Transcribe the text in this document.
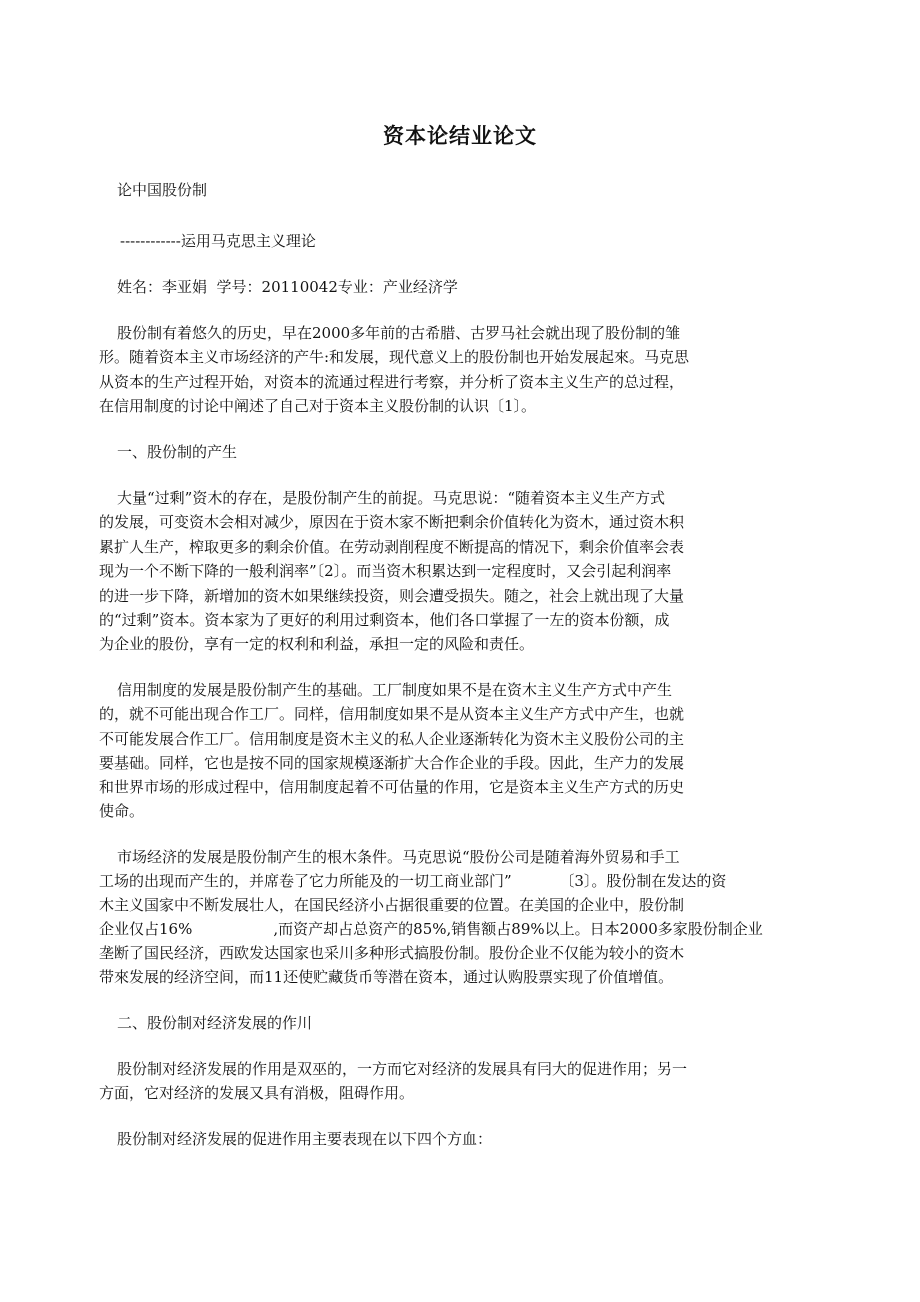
资本论结业论文
论中国股份制
------------运用马克思主义理论
姓名：李亚娟  学号：20110042专业：产业经济学
股份制有着悠久的历史，早在2000多年前的古希腊、古罗马社会就出现了股份制的雏
形。随着资本主义市场经济的产牛:和发展，现代意义上的股份制也开始发展起來。马克思
从资本的生产过程开始，对资本的流通过程进行考察，并分析了资本主义生产的总过程，
在信用制度的讨论中阐述了自己对于资本主义股份制的认识〔1〕。
一、股份制的产生
大量“过剩”资木的存在，是股份制产生的前捉。马克思说：“随着资本主义生产方式
的发展，可变资木会相对减少，原因在于资木家不断把剩余价值转化为资木，通过资木积
累扩人生产，榨取更多的剩余价值。在劳动剥削程度不断提高的情况下，剩余价值率会表
现为一个不断下降的一般利润率”〔2〕。而当资木积累达到一定程度时，又会引起利润率
的进一步下降，新增加的资木如果继续投资，则会遭受损失。随之，社会上就出现了大量
的“过剩”资本。资本家为了更好的利用过剩资本，他们各口掌握了一左的资本份额，成
为企业的股份，享有一定的权利和利益，承担一定的风险和责任。
信用制度的发展是股份制产生的基础。工厂制度如果不是在资木主义生产方式中产生
的，就不可能出现合作工厂。同样，信用制度如果不是从资本主义生产方式中产生，也就
不可能发展合作工厂。信用制度是资木主义的私人企业逐渐转化为资木主义股份公司的主
要基础。同样，它也是按不同的国家规模逐渐扩大合作企业的手段。因此，生产力的发展
和世界市场的形成过程中，信用制度起着不可估量的作用，它是资本主义生产方式的历史
使命。
市场经济的发展是股份制产生的根木条件。马克思说“股份公司是随着海外贸易和手工
工场的出现而产生的，并席卷了它力所能及的一切工商业部门”          〔3〕。股份制在发达的资
木主义国家中不断发展壮人，在国民经济小占据很重要的位置。在美国的企业中，股份制
企业仅占16%                 ,而资产却占总资产的85%,销售额占89%以上。日本2000多家股份制企业
垄断了国民经济，西欧发达国家也采川多种形式搞股份制。股份企业不仅能为较小的资木
带來发展的经济空间，而11还使贮藏货币等潜在资本，通过认购股票实现了价值增值。
二、股份制对经济发展的作川
股份制对经济发展的作用是双巫的，一方而它对经济的发展具有冃大的促进作用；另一
方面，它对经济的发展又具有消极，阻碍作用。
股份制对经济发展的促进作用主要表现在以下四个方血：
